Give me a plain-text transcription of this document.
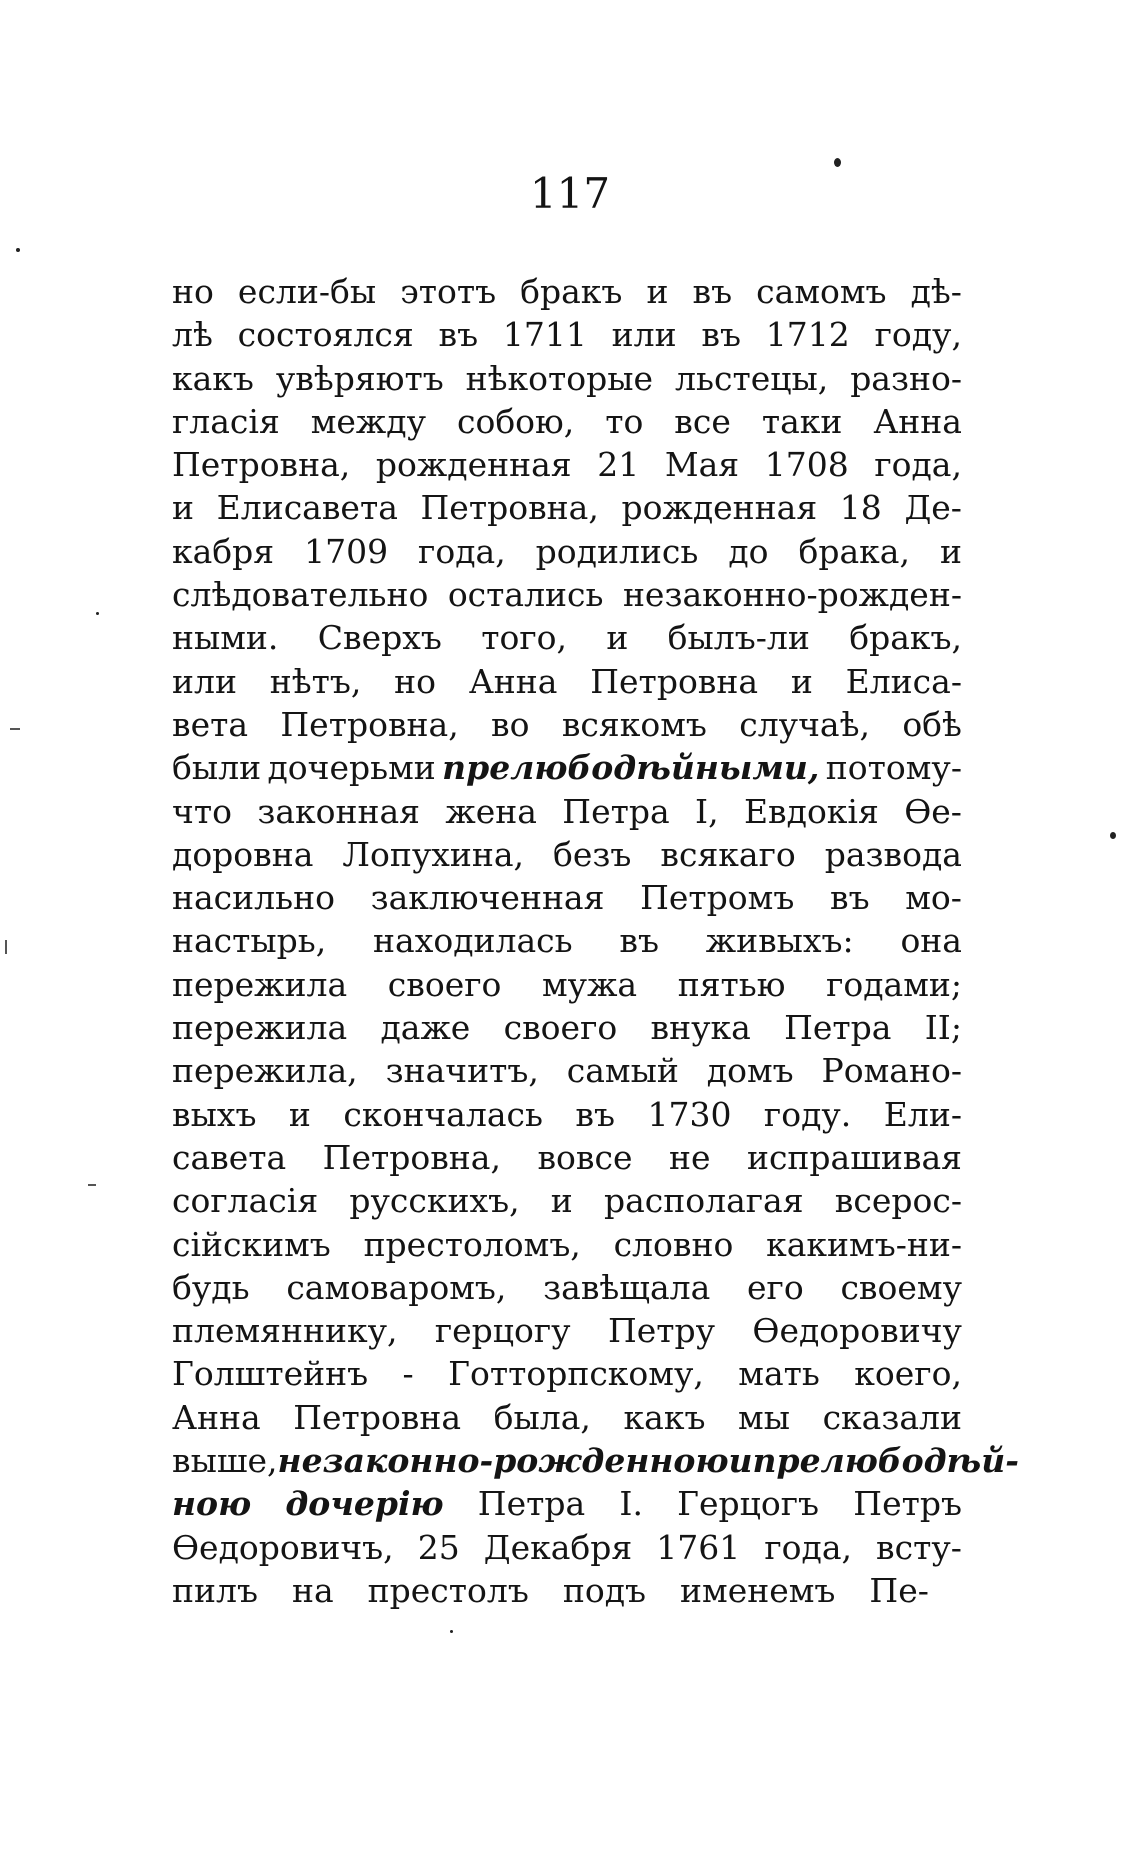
117
но если-бы этотъ бракъ и въ самомъ дѣ-
лѣ состоялся въ 1711 или въ 1712 году,
какъ увѣряютъ нѣкоторые льстецы, разно-
гласія между собою, то все таки Анна
Петровна, рожденная 21 Мая 1708 года,
и Елисавета Петровна, рожденная 18 Де-
кабря 1709 года, родились до брака, и
слѣдовательно остались незаконно-рожден-
ными. Сверхъ того, и былъ-ли бракъ,
или нѣтъ, но Анна Петровна и Елиса-
вета Петровна, во всякомъ случаѣ, обѣ
были дочерьми прелюбодѣйными, потому-
что законная жена Петра I, Евдокія Ѳе-
доровна Лопухина, безъ всякаго развода
насильно заключенная Петромъ въ мо-
настырь, находилась въ живыхъ: она
пережила своего мужа пятью годами;
пережила даже своего внука Петра II;
пережила, значитъ, самый домъ Романо-
выхъ и скончалась въ 1730 году. Ели-
савета Петровна, вовсе не испрашивая
согласія русскихъ, и располагая всерос-
сійскимъ престоломъ, словно какимъ-ни-
будь самоваромъ, завѣщала его своему
племяннику, герцогу Петру Ѳедоровичу
Голштейнъ - Готторпскому, мать коего,
Анна Петровна была, какъ мы сказали
выше, незаконно-рожденною и прелюбодѣй-
ною дочерію Петра I. Герцогъ Петръ
Ѳедоровичъ, 25 Декабря 1761 года, всту-
пилъ на престолъ подъ именемъ Пе-
